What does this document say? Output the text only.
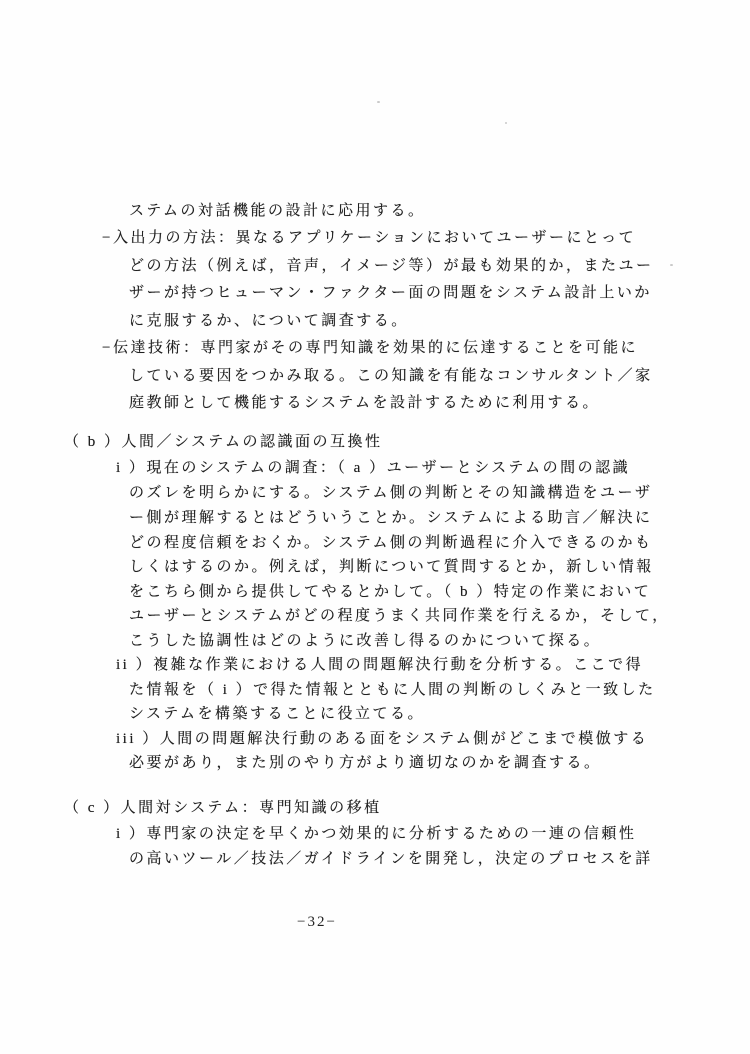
ステムの対話機能の設計に応用する。
−入出力の方法：異なるアプリケーションにおいてユーザーにとって
どの方法（例えば，音声，イメージ等）が最も効果的か，またユー
ザーが持つヒューマン・ファクター面の問題をシステム設計上いか
に克服するか、について調査する。
−伝達技術：専門家がその専門知識を効果的に伝達することを可能に
している要因をつかみ取る。この知識を有能なコンサルタント／家
庭教師として機能するシステムを設計するために利用する。
（ b ）人間／システムの認識面の互換性
i ）現在のシステムの調査：（ a ）ユーザーとシステムの間の認識
のズレを明らかにする。システム側の判断とその知識構造をユーザ
ー側が理解するとはどういうことか。システムによる助言／解決に
どの程度信頼をおくか。システム側の判断過程に介入できるのかも
しくはするのか。例えば，判断について質問するとか，新しい情報
をこちら側から提供してやるとかして。（ b ）特定の作業において
ユーザーとシステムがどの程度うまく共同作業を行えるか，そして，
こうした協調性はどのように改善し得るのかについて探る。
ii ）複雑な作業における人間の問題解決行動を分析する。ここで得
た情報を（ i ）で得た情報とともに人間の判断のしくみと一致した
システムを構築することに役立てる。
iii ）人間の問題解決行動のある面をシステム側がどこまで模倣する
必要があり，また別のやり方がより適切なのかを調査する。
（ c ）人間対システム：専門知識の移植
i ）専門家の決定を早くかつ効果的に分析するための一連の信頼性
の高いツール／技法／ガイドラインを開発し，決定のプロセスを詳
−32−
